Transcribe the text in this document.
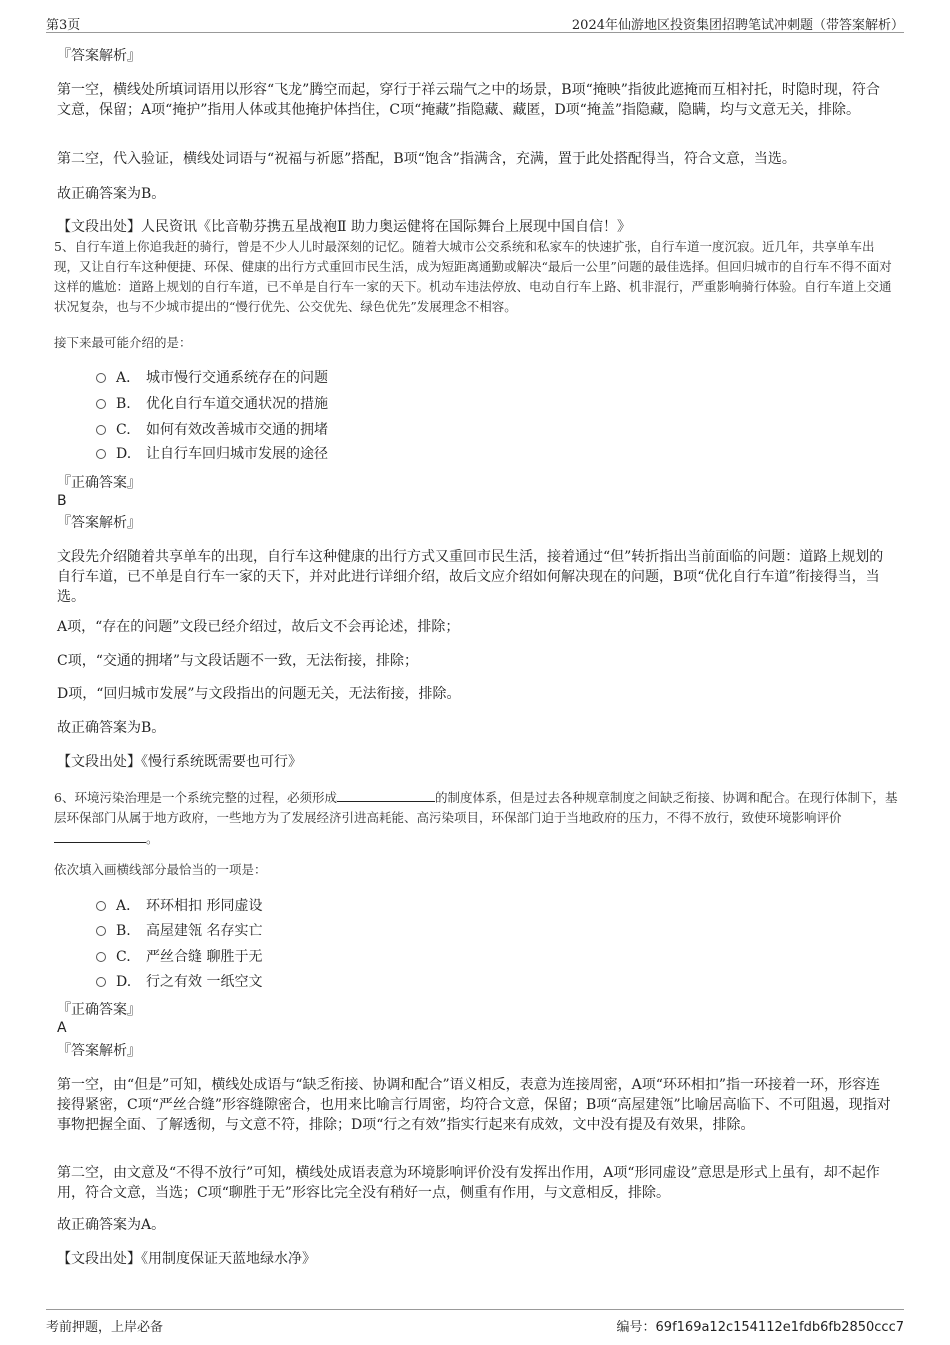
第3页	2024年仙游地区投资集团招聘笔试冲刺题（带答案解析）
『答案解析』
第一空，横线处所填词语用以形容“飞龙”腾空而起，穿行于祥云瑞气之中的场景，B项“掩映”指彼此遮掩而互相衬托，时隐时现，符合文意，保留；A项“掩护”指用人体或其他掩护体挡住，C项“掩藏”指隐藏、藏匿，D项“掩盖”指隐藏，隐瞒，均与文意无关，排除。
第二空，代入验证，横线处词语与“祝福与祈愿”搭配，B项“饱含”指满含，充满，置于此处搭配得当，符合文意，当选。
故正确答案为B。
【文段出处】人民资讯《比音勒芬携五星战袍Ⅱ 助力奥运健将在国际舞台上展现中国自信！》
5、自行车道上你追我赶的骑行，曾是不少人儿时最深刻的记忆。随着大城市公交系统和私家车的快速扩张，自行车道一度沉寂。近几年，共享单车出现，又让自行车这种便捷、环保、健康的出行方式重回市民生活，成为短距离通勤或解决“最后一公里”问题的最佳选择。但回归城市的自行车不得不面对这样的尴尬：道路上规划的自行车道，已不单是自行车一家的天下。机动车违法停放、电动自行车上路、机非混行，严重影响骑行体验。自行车道上交通状况复杂，也与不少城市提出的“慢行优先、公交优先、绿色优先”发展理念不相容。
接下来最可能介绍的是：
A． 城市慢行交通系统存在的问题
B. 优化自行车道交通状况的措施
C. 如何有效改善城市交通的拥堵
D. 让自行车回归城市发展的途径
『正确答案』
B
『答案解析』
文段先介绍随着共享单车的出现，自行车这种健康的出行方式又重回市民生活，接着通过“但”转折指出当前面临的问题：道路上规划的自行车道，已不单是自行车一家的天下，并对此进行详细介绍，故后文应介绍如何解决现在的问题，B项“优化自行车道”衔接得当，当选。
A项，“存在的问题”文段已经介绍过，故后文不会再论述，排除；
C项，“交通的拥堵”与文段话题不一致，无法衔接，排除；
D项，“回归城市发展”与文段指出的问题无关，无法衔接，排除。
故正确答案为B。
【文段出处】《慢行系统既需要也可行》
6、环境污染治理是一个系统完整的过程，必须形成	的制度体系，但是过去各种规章制度之间缺乏衔接、协调和配合。在现行体制下，基层环保部门从属于地方政府，一些地方为了发展经济引进高耗能、高污染项目，环保部门迫于当地政府的压力，不得不放行，致使环境影响评价。
依次填入画横线部分最恰当的一项是：
A． 环环相扣 形同虚设
B. 高屋建瓴 名存实亡
C. 严丝合缝 聊胜于无
D. 行之有效 一纸空文
『正确答案』
A
『答案解析』
第一空，由“但是”可知，横线处成语与“缺乏衔接、协调和配合”语义相反，表意为连接周密，A项“环环相扣”指一环接着一环，形容连接得紧密，C项“严丝合缝”形容缝隙密合，也用来比喻言行周密，均符合文意，保留；B项“高屋建瓴”比喻居高临下、不可阻遏，现指对事物把握全面、了解透彻，与文意不符，排除；D项“行之有效”指实行起来有成效，文中没有提及有效果，排除。
第二空，由文意及“不得不放行”可知，横线处成语表意为环境影响评价没有发挥出作用，A项“形同虚设”意思是形式上虽有，却不起作用，符合文意，当选；C项“聊胜于无”形容比完全没有稍好一点，侧重有作用，与文意相反，排除。
故正确答案为A。
【文段出处】《用制度保证天蓝地绿水净》
考前押题，上岸必备	编号：69f169a12c154112e1fdb6fb2850ccc7
